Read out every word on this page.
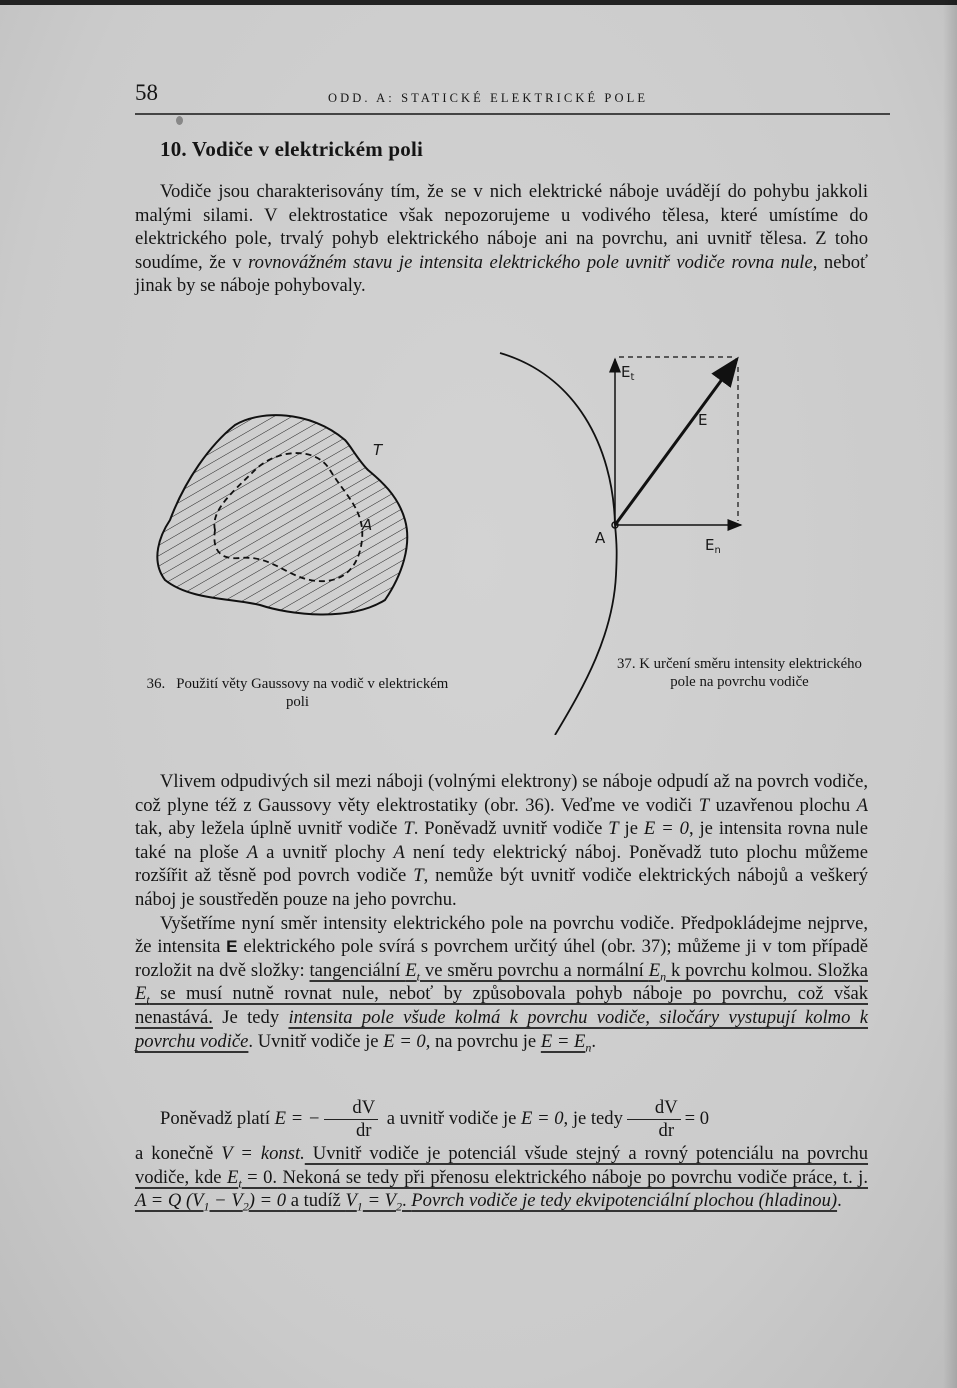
58	ODD. A: STATICKÉ ELEKTRICKÉ POLE
10. Vodiče v elektrickém poli

Vodiče jsou charakterisovány tím, že se v nich elektrické náboje uvádějí do pohybu jakkoli malými silami. V elektrostatice však nepozorujeme u vodivého tělesa, které umístíme do elektrického pole, trvalý pohyb elektrického náboje ani na povrchu, ani uvnitř tělesa. Z toho soudíme, že v rovnovážném stavu je intensita elektrického pole uvnitř vodiče rovna nule, neboť jinak by se náboje pohybovaly.

T
A
$E_t$
E
A	$E_n$
36. Použití věty Gaussovy na vodič v elektrickém poli
37. K určení směru intensity elektrického pole na povrchu vodiče

Vlivem odpudivých sil mezi náboji (volnými elektrony) se náboje odpudí až na povrch vodiče, což plyne též z Gaussovy věty elektrostatiky (obr. 36). Veďme ve vodiči T uzavřenou plochu A tak, aby ležela úplně uvnitř vodiče T. Poněvadž uvnitř vodiče T je E = 0, je intensita rovna nule také na ploše A a uvnitř plochy A není tedy elektrický náboj. Poněvadž tuto plochu můžeme rozšířit až těsně pod povrch vodiče T, nemůže být uvnitř vodiče elektrických nábojů a veškerý náboj je soustředěn pouze na jeho povrchu.

Vyšetříme nyní směr intensity elektrického pole na povrchu vodiče. Předpokládejme nejprve, že intensita E elektrického pole svírá s povrchem určitý úhel (obr. 37); můžeme ji v tom případě rozložit na dvě složky: tangenciální $E_t$ ve směru povrchu a normální $E_n$ k povrchu kolmou. Složka $E_t$ se musí nutně rovnat nule, neboť by způsobovala pohyb náboje po povrchu, což však nenastává. Je tedy intensita pole všude kolmá k povrchu vodiče, siločáry vystupují kolmo k povrchu vodiče. Uvnitř vodiče je E = 0, na povrchu je $E = E_n$.

Poněvadž platí E = − $\frac{dV}{dr}$ a uvnitř vodiče je E = 0, je tedy $\frac{dV}{dr} = 0$

a konečně V = konst. Uvnitř vodiče je potenciál všude stejný a rovný potenciálu na povrchu vodiče, kde $E_t = 0$. Nekoná se tedy při přenosu elektrického náboje po povrchu vodiče práce, t. j. A = Q $(V_1 - V_2) = 0$ a tudíž $V_1 = V_2$. Povrch vodiče je tedy ekvipotenciální plochou (hladinou).
